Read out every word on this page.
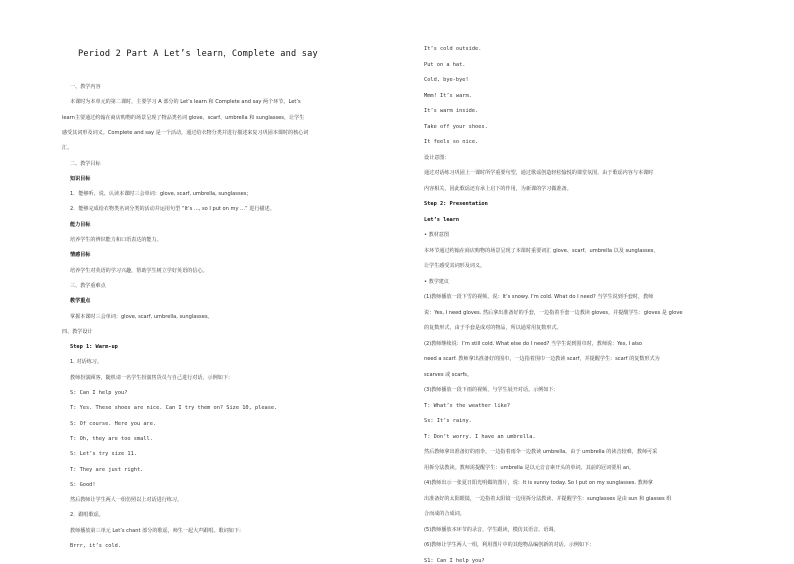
Period 2 Part A Let’s learn，Complete and say
一、教学内容
本课时为本单元的第二课时，主要学习 A 部分的 Let’s learn 和 Complete and say 两个环节。Let’s
learn主要通过约翰在商店购物的场景呈现了物品类名词 glove、scarf、umbrella 和 sunglasses，让学生
感受其词形及词义。Complete and say 是一个活动，通过给衣物分类并进行描述来复习巩固本课时的核心词
汇。
二、教学目标
知识目标
1．能够听、说、认读本课时三会单词：glove, scarf, umbrella, sunglasses；
2．能够完成给衣物类名词分类的活动并运用句型 “It’s ..., so I put on my ...” 进行描述。
能力目标
培养学生的辨识能力和口语表达的能力。
情感目标
培养学生对英语的学习兴趣，帮助学生树立学好英语的信心。
三、教学重难点
教学重点
掌握本课时三会单词：glove, scarf, umbrella, sunglasses。
四、教学设计
Step 1: Warm-up
1. 对话练习。
教师扮演顾客，随机请一名学生扮演售货员与自己进行对话。示例如下：
S: Can I help you?
T: Yes. These shoes are nice. Can I try them on? Size 10, please.
S: Of course. Here you are.
T: Oh, they are too small.
S: Let’s try size 11.
T: They are just right.
S: Good!
然后教师让学生两人一组仿照以上对话进行练习。
2．跟唱歌谣。
教师播放第三单元 Let’s chant 部分的歌谣，师生一起大声跟唱。歌词如下：
Brrr, it’s cold.
It’s cold outside.
Put on a hat.
Cold, bye-bye!
Mmm! It’s warm.
It’s warm inside.
Take off your shoes.
It feels so nice.
设计意图：
通过对话练习巩固上一课时所学重要句型，通过歌谣创造轻松愉悦的课堂氛围，由于歌谣内容与本课时
内容相关，因此歌谣还有承上启下的作用，为新课的学习做准备。
Step 2: Presentation
Let’s learn
• 教材意图
本环节通过约翰在商店购物的场景呈现了本课时重要词汇 glove、scarf、umbrella 以及 sunglasses，
让学生感受其词形及词义。
• 教学建议
(1)教师播放一段下雪的视频，说：It’s snowy. I’m cold. What do I need? 当学生说到手套时，教师
说：Yes, I need gloves. 然后拿出准备好的手套，一边指着手套一边教读 gloves，并提醒学生：gloves 是 glove
的复数形式，由于手套是成对的物品，所以通常用复数形式。
(2)教师继续说：I’m still cold. What else do I need? 当学生说到围巾时，教师说：Yes, I also
need a scarf. 教师拿出准备好的围巾，一边指着围巾一边教读 scarf，并提醒学生：scarf 的复数形式为
scarves 或 scarfs。
(3)教师播放一段下雨的视频，与学生展开对话。示例如下：
T: What’s the weather like?
Ss: It’s rainy.
T: Don’t worry. I have an umbrella.
然后教师拿出准备好的雨伞，一边指着雨伞一边教读 umbrella。由于 umbrella 的读音较难，教师可采
用拆分法教读。教师需提醒学生：umbrella 是以元音音素开头的单词，其前的冠词要用 an。
(4)教师出示一张夏日阳光明媚的图片，说：It is sunny today. So I put on my sunglasses. 教师拿
出准备好的太阳眼镜，一边指着太阳镜一边用拆分法教读，并提醒学生：sunglasses 是由 sun 和 glasses 组
合而成的合成词。
(5)教师播放本环节的录音，学生跟读，模仿其语音、语调。
(6)教师让学生两人一组，利用图片中的其他物品编创新的对话。示例如下：
S1: Can I help you?
